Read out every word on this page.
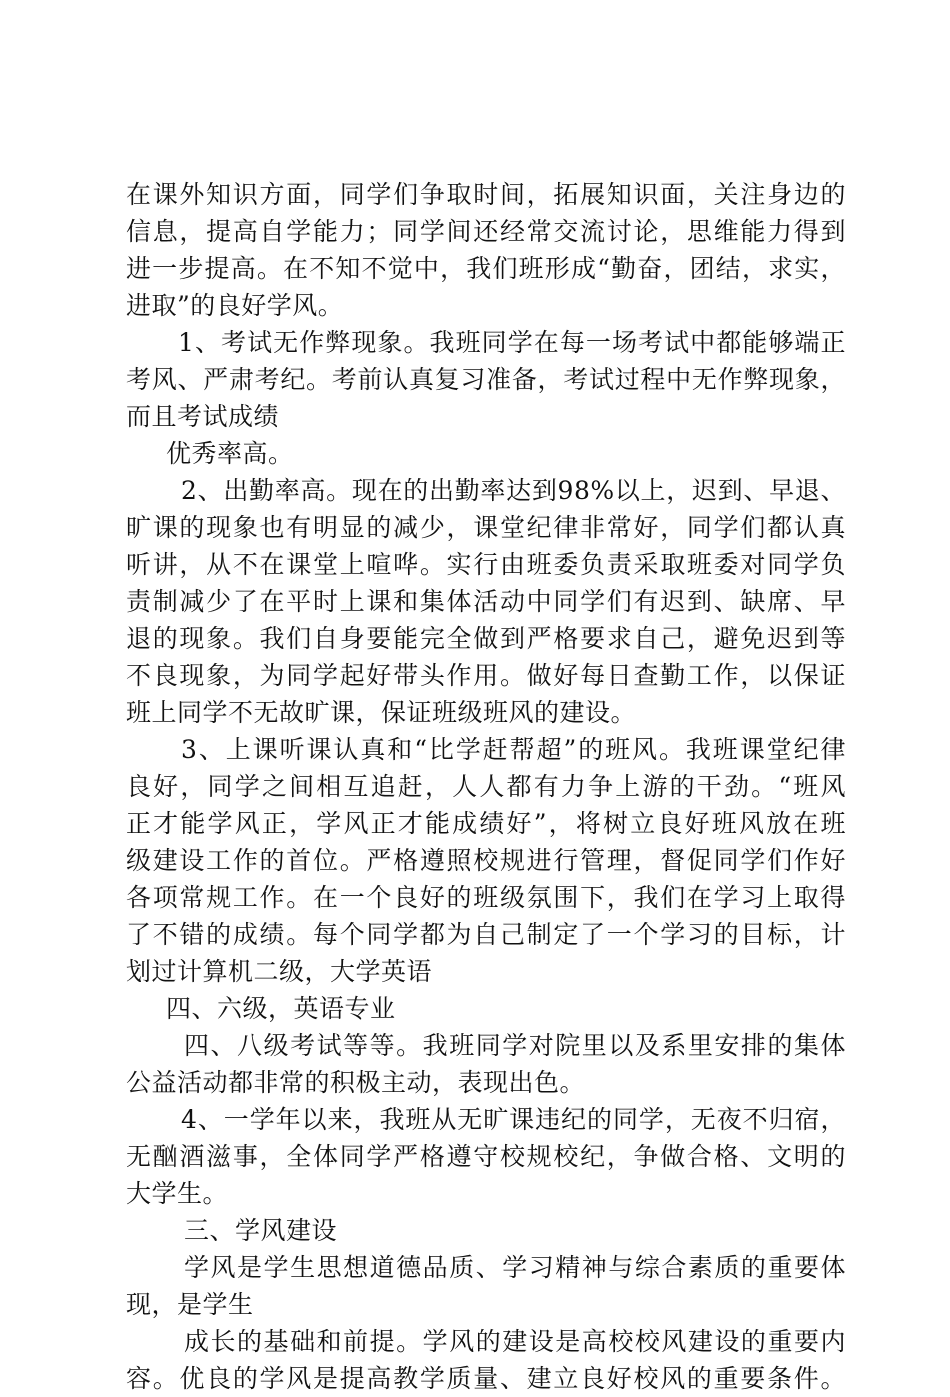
在课外知识方面，同学们争取时间，拓展知识面，关注身边的
信息，提高自学能力；同学间还经常交流讨论，思维能力得到
进一步提高。在不知不觉中，我们班形成“勤奋，团结，求实，
进取”的良好学风。
1、考试无作弊现象。我班同学在每一场考试中都能够端正
考风、严肃考纪。考前认真复习准备，考试过程中无作弊现象，
而且考试成绩
优秀率高。
2、出勤率高。现在的出勤率达到98%以上，迟到、早退、
旷课的现象也有明显的减少，课堂纪律非常好，同学们都认真
听讲，从不在课堂上喧哗。实行由班委负责采取班委对同学负
责制减少了在平时上课和集体活动中同学们有迟到、缺席、早
退的现象。我们自身要能完全做到严格要求自己，避免迟到等
不良现象，为同学起好带头作用。做好每日查勤工作，以保证
班上同学不无故旷课，保证班级班风的建设。
3、上课听课认真和“比学赶帮超”的班风。我班课堂纪律
良好，同学之间相互追赶，人人都有力争上游的干劲。“班风
正才能学风正，学风正才能成绩好”，将树立良好班风放在班
级建设工作的首位。严格遵照校规进行管理，督促同学们作好
各项常规工作。在一个良好的班级氛围下，我们在学习上取得
了不错的成绩。每个同学都为自己制定了一个学习的目标，计
划过计算机二级，大学英语
四、六级，英语专业
四、八级考试等等。我班同学对院里以及系里安排的集体
公益活动都非常的积极主动，表现出色。
4、一学年以来，我班从无旷课违纪的同学，无夜不归宿，
无酗酒滋事，全体同学严格遵守校规校纪，争做合格、文明的
大学生。
三、学风建设
学风是学生思想道德品质、学习精神与综合素质的重要体
现，是学生
成长的基础和前提。学风的建设是高校校风建设的重要内
容。优良的学风是提高教学质量、建立良好校风的重要条件。
